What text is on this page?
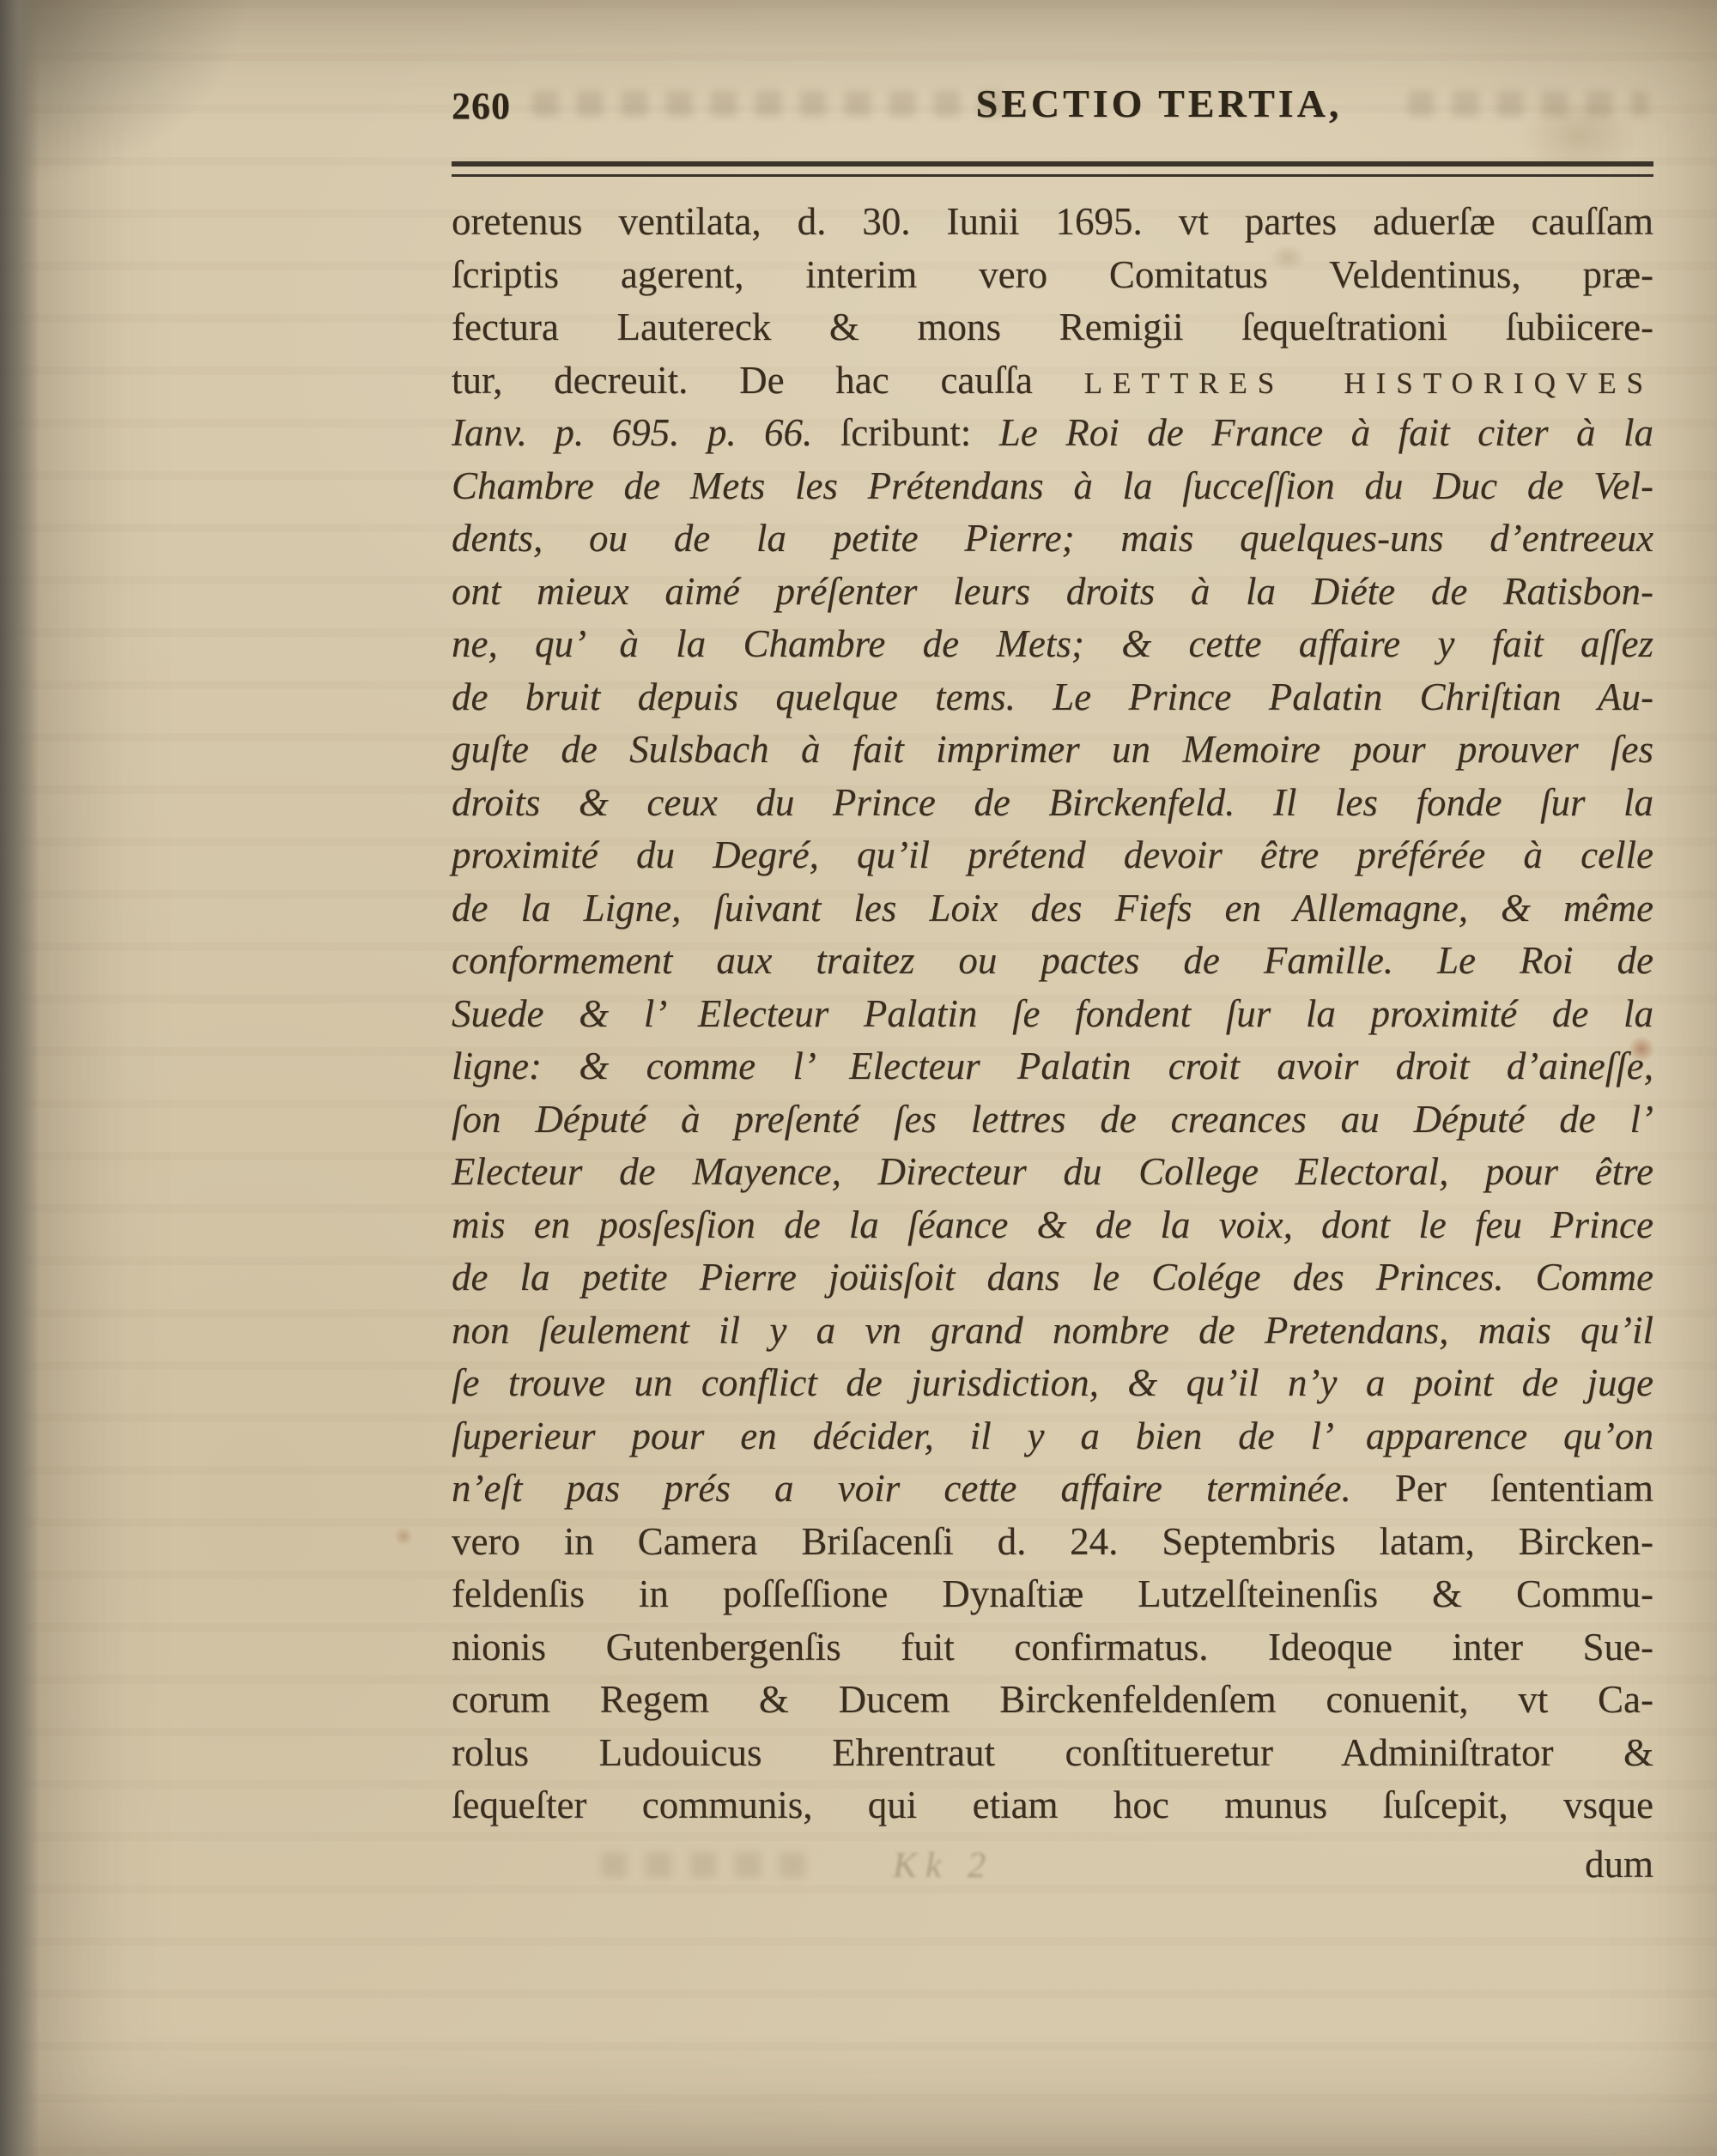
260	SECTIO TERTIA,
oretenus ventilata, d. 30. Iunii 1695. vt partes aduerſæ cauſſam
ſcriptis agerent, interim vero Comitatus Veldentinus, præ-
fectura Lautereck & mons Remigii ſequeſtrationi ſubiicere-
tur, decreuit. De hac cauſſa LETTRES HISTORIQVES
Ianv. p. 695. p. 66. ſcribunt: Le Roi de France à fait citer à la
Chambre de Mets les Prétendans à la ſucceſſion du Duc de Vel-
dents, ou de la petite Pierre; mais quelques-uns d’entreeux
ont mieux aimé préſenter leurs droits à la Diéte de Ratisbon-
ne, qu’ à la Chambre de Mets; & cette affaire y fait aſſez
de bruit depuis quelque tems. Le Prince Palatin Chriſtian Au-
guſte de Sulsbach à fait imprimer un Memoire pour prouver ſes
droits & ceux du Prince de Birckenfeld. Il les fonde ſur la
proximité du Degré, qu’il prétend devoir être préférée à celle
de la Ligne, ſuivant les Loix des Fiefs en Allemagne, & même
conformement aux traitez ou pactes de Famille. Le Roi de
Suede & l’ Electeur Palatin ſe fondent ſur la proximité de la
ligne: & comme l’ Electeur Palatin croit avoir droit d’aineſſe,
ſon Député à preſenté ſes lettres de creances au Député de l’
Electeur de Mayence, Directeur du College Electoral, pour être
mis en posſesſion de la ſéance & de la voix, dont le feu Prince
de la petite Pierre joüisſoit dans le Colége des Princes. Comme
non ſeulement il y a vn grand nombre de Pretendans, mais qu’il
ſe trouve un conflict de jurisdiction, & qu’il n’y a point de juge
ſuperieur pour en décider, il y a bien de l’ apparence qu’on
n’eſt pas prés a voir cette affaire terminée. Per ſententiam
vero in Camera Briſacenſi d. 24. Septembris latam, Bircken-
feldenſis in poſſeſſione Dynaſtiæ Lutzelſteinenſis & Commu-
nionis Gutenbergenſis fuit confirmatus. Ideoque inter Sue-
corum Regem & Ducem Birckenfeldenſem conuenit, vt Ca-
rolus Ludouicus Ehrentraut conſtitueretur Adminiſtrator &
ſequeſter communis, qui etiam hoc munus ſuſcepit, vsque
dum
Kk 2
